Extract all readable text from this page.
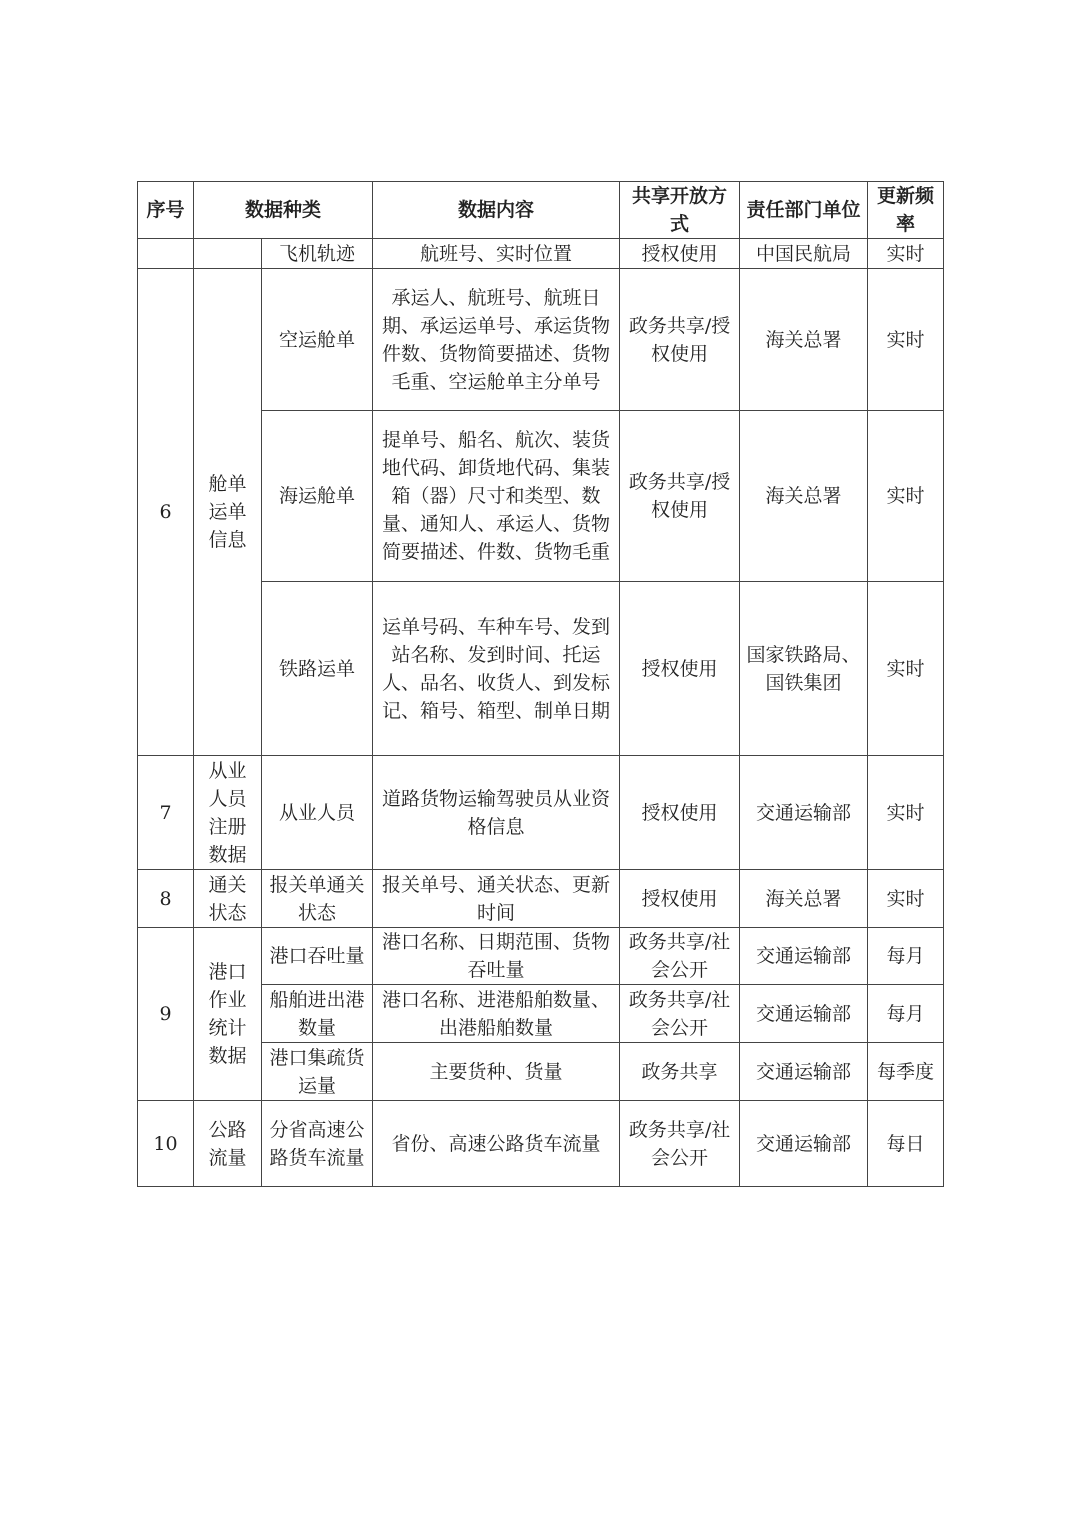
序号	数据种类		数据内容	共享开放方式	责任部门单位	更新频率
		飞机轨迹	航班号、实时位置	授权使用	中国民航局	实时
6	舱单运单信息	空运舱单	承运人、航班号、航班日期、承运运单号、承运货物件数、货物简要描述、货物毛重、空运舱单主分单号	政务共享/授权使用	海关总署	实时
		海运舱单	提单号、船名、航次、装货地代码、卸货地代码、集装箱（器）尺寸和类型、数量、通知人、承运人、货物简要描述、件数、货物毛重	政务共享/授权使用	海关总署	实时
		铁路运单	运单号码、车种车号、发到站名称、发到时间、托运人、品名、收货人、到发标记、箱号、箱型、制单日期	授权使用	国家铁路局、国铁集团	实时
7	从业人员注册数据	从业人员	道路货物运输驾驶员从业资格信息	授权使用	交通运输部	实时
8	通关状态	报关单通关状态	报关单号、通关状态、更新时间	授权使用	海关总署	实时
9	港口作业统计数据	港口吞吐量	港口名称、日期范围、货物吞吐量	政务共享/社会公开	交通运输部	每月
		船舶进出港数量	港口名称、进港船舶数量、出港船舶数量	政务共享/社会公开	交通运输部	每月
		港口集疏货运量	主要货种、货量	政务共享	交通运输部	每季度
10	公路流量	分省高速公路货车流量	省份、高速公路货车流量	政务共享/社会公开	交通运输部	每日
